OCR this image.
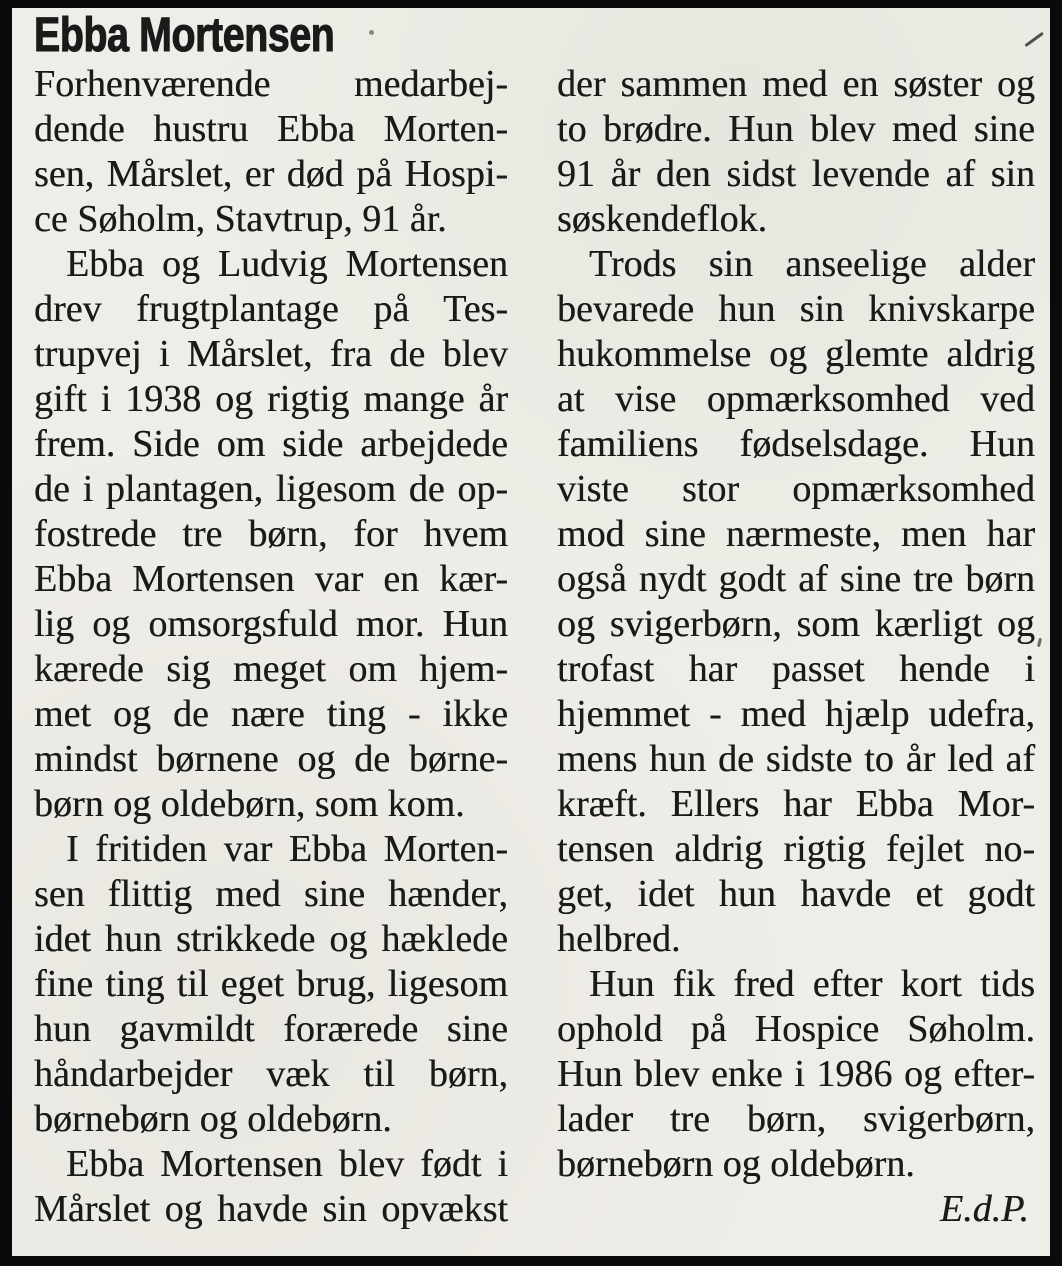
Ebba Mortensen
Forhenværende medarbej-
dende hustru Ebba Morten-
sen, Mårslet, er død på Hospi-
ce Søholm, Stavtrup, 91 år.
Ebba og Ludvig Mortensen
drev frugtplantage på Tes-
trupvej i Mårslet, fra de blev
gift i 1938 og rigtig mange år
frem. Side om side arbejdede
de i plantagen, ligesom de op-
fostrede tre børn, for hvem
Ebba Mortensen var en kær-
lig og omsorgsfuld mor. Hun
kærede sig meget om hjem-
met og de nære ting - ikke
mindst børnene og de børne-
børn og oldebørn, som kom.
I fritiden var Ebba Morten-
sen flittig med sine hænder,
idet hun strikkede og hæklede
fine ting til eget brug, ligesom
hun gavmildt forærede sine
håndarbejder væk til børn,
børnebørn og oldebørn.
Ebba Mortensen blev født i
Mårslet og havde sin opvækst
der sammen med en søster og
to brødre. Hun blev med sine
91 år den sidst levende af sin
søskendeflok.
Trods sin anseelige alder
bevarede hun sin knivskarpe
hukommelse og glemte aldrig
at vise opmærksomhed ved
familiens fødselsdage. Hun
viste stor opmærksomhed
mod sine nærmeste, men har
også nydt godt af sine tre børn
og svigerbørn, som kærligt og
trofast har passet hende i
hjemmet - med hjælp udefra,
mens hun de sidste to år led af
kræft. Ellers har Ebba Mor-
tensen aldrig rigtig fejlet no-
get, idet hun havde et godt
helbred.
Hun fik fred efter kort tids
ophold på Hospice Søholm.
Hun blev enke i 1986 og efter-
lader tre børn, svigerbørn,
børnebørn og oldebørn.
E.d.P.
